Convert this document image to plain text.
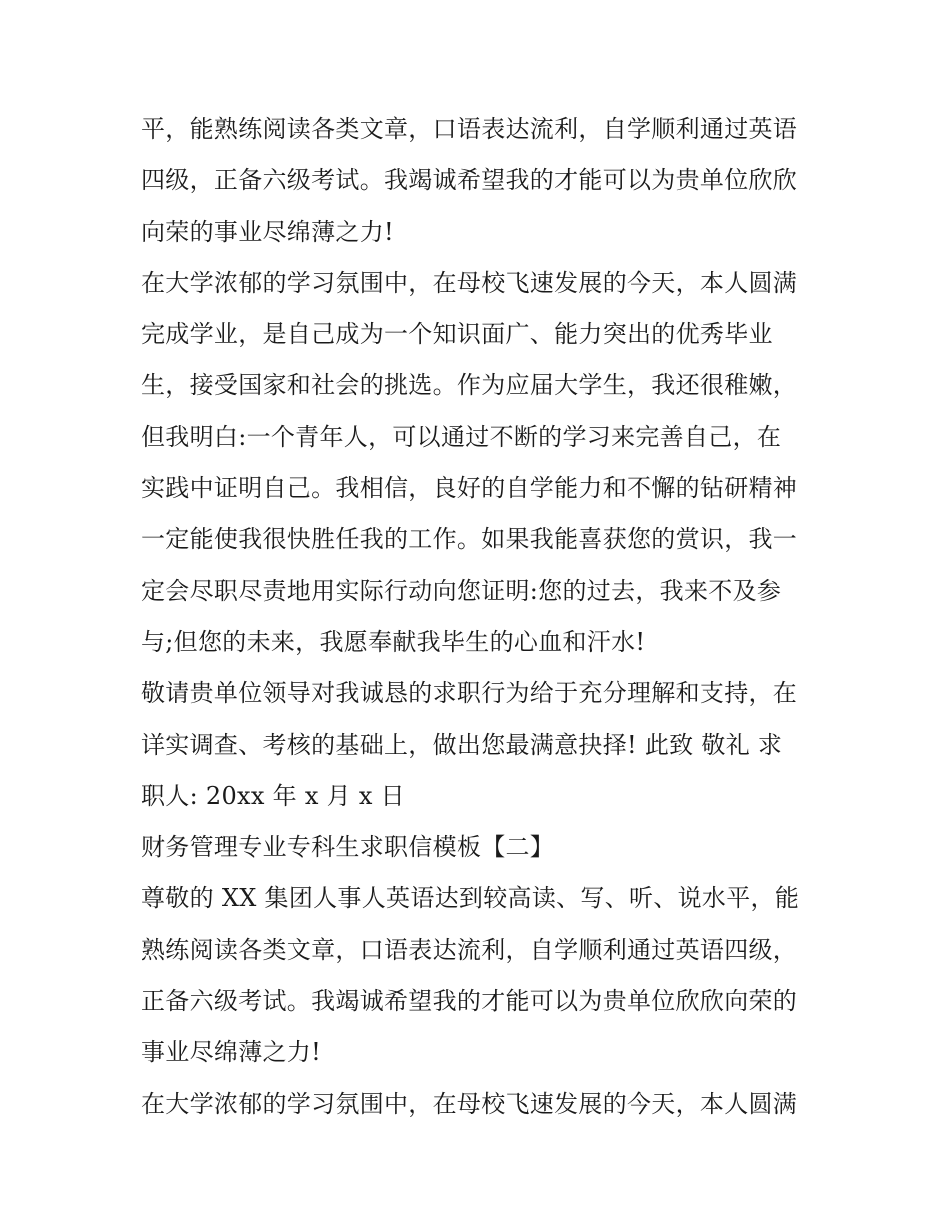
平，能熟练阅读各类文章，口语表达流利，自学顺利通过英语
四级，正备六级考试。我竭诚希望我的才能可以为贵单位欣欣
向荣的事业尽绵薄之力!
在大学浓郁的学习氛围中，在母校飞速发展的今天，本人圆满
完成学业，是自己成为一个知识面广、能力突出的优秀毕业
生，接受国家和社会的挑选。作为应届大学生，我还很稚嫩，
但我明白:一个青年人，可以通过不断的学习来完善自己，在
实践中证明自己。我相信，良好的自学能力和不懈的钻研精神
一定能使我很快胜任我的工作。如果我能喜获您的赏识，我一
定会尽职尽责地用实际行动向您证明:您的过去，我来不及参
与;但您的未来，我愿奉献我毕生的心血和汗水!
敬请贵单位领导对我诚恳的求职行为给于充分理解和支持，在
详实调查、考核的基础上，做出您最满意抉择! 此致 敬礼 求
职人: 20xx 年 x 月 x 日
财务管理专业专科生求职信模板【二】
尊敬的 XX 集团人事人英语达到较高读、写、听、说水平，能
熟练阅读各类文章，口语表达流利，自学顺利通过英语四级，
正备六级考试。我竭诚希望我的才能可以为贵单位欣欣向荣的
事业尽绵薄之力!
在大学浓郁的学习氛围中，在母校飞速发展的今天，本人圆满
